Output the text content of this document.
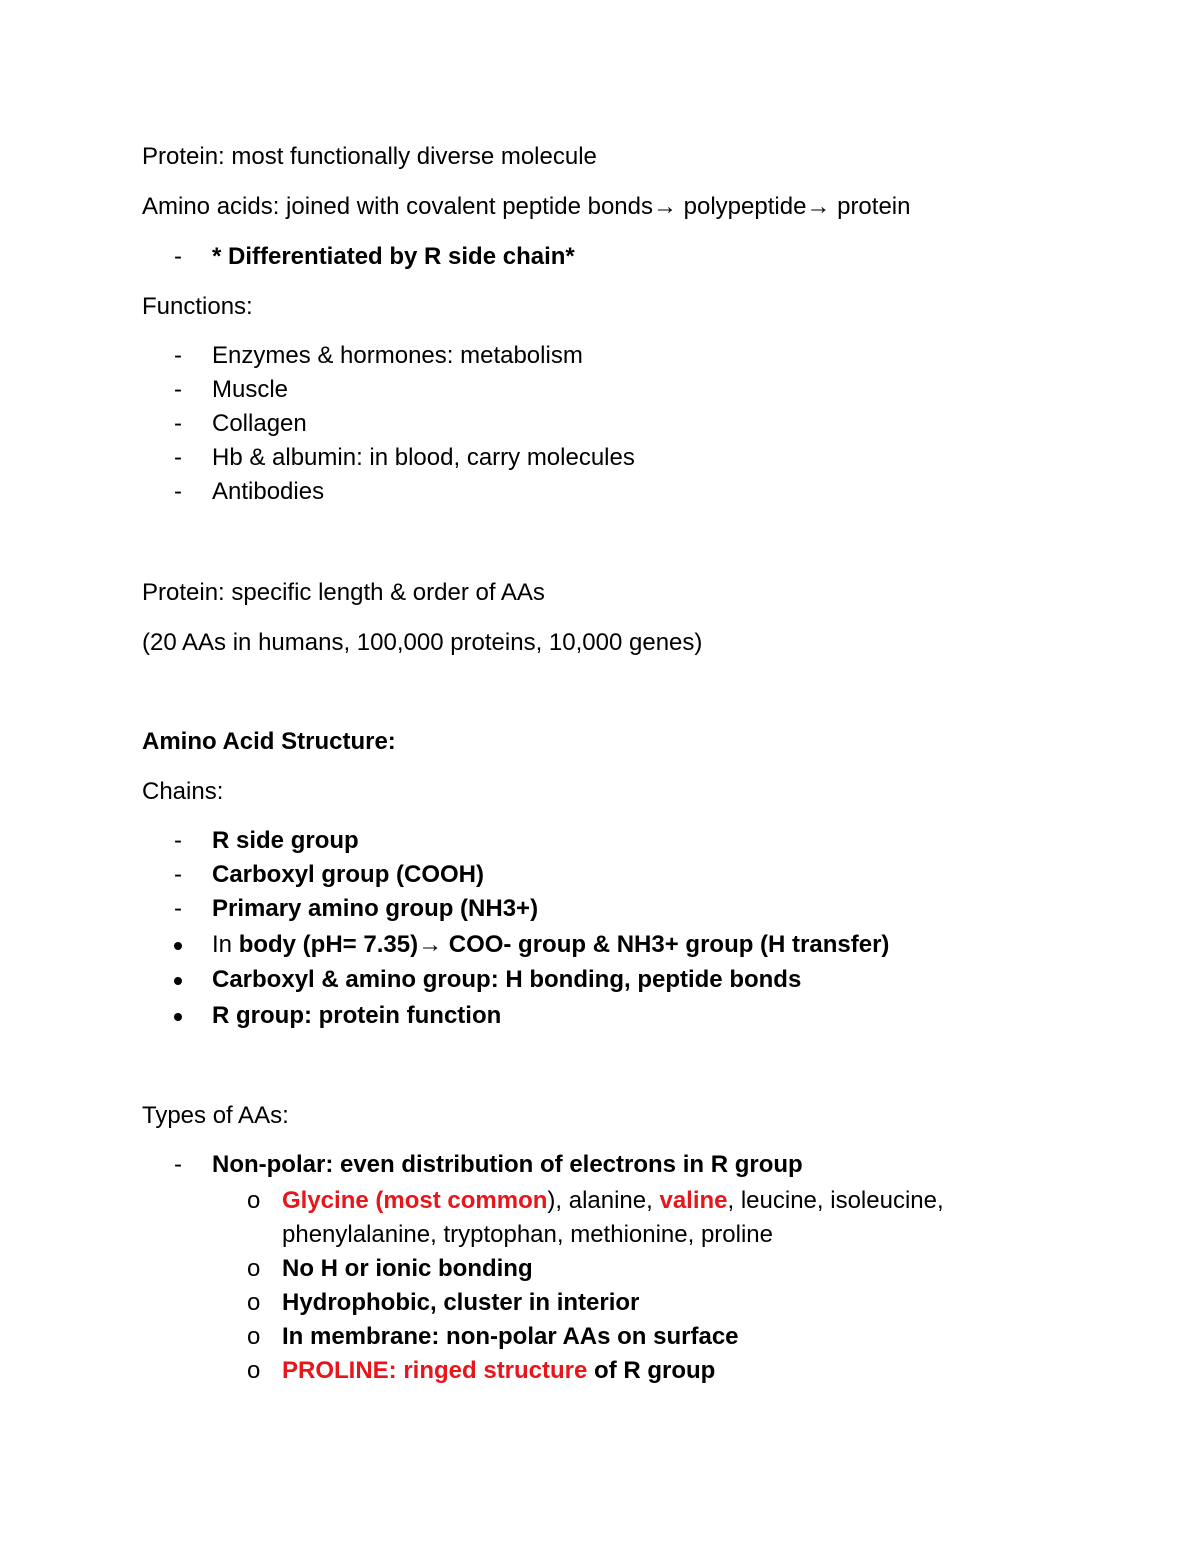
Protein: most functionally diverse molecule
Amino acids: joined with covalent peptide bonds→ polypeptide→ protein
- * Differentiated by R side chain*
Functions:
- Enzymes & hormones: metabolism
- Muscle
- Collagen
- Hb & albumin: in blood, carry molecules
- Antibodies
Protein: specific length & order of AAs
(20 AAs in humans, 100,000 proteins, 10,000 genes)
Amino Acid Structure:
Chains:
- R side group
- Carboxyl group (COOH)
- Primary amino group (NH3+)
In body (pH= 7.35)→ COO- group & NH3+ group (H transfer)
Carboxyl & amino group: H bonding, peptide bonds
R group: protein function
Types of AAs:
- Non-polar: even distribution of electrons in R group
o Glycine (most common), alanine, valine, leucine, isoleucine,
phenylalanine, tryptophan, methionine, proline
o No H or ionic bonding
o Hydrophobic, cluster in interior
o In membrane: non-polar AAs on surface
o PROLINE: ringed structure of R group
